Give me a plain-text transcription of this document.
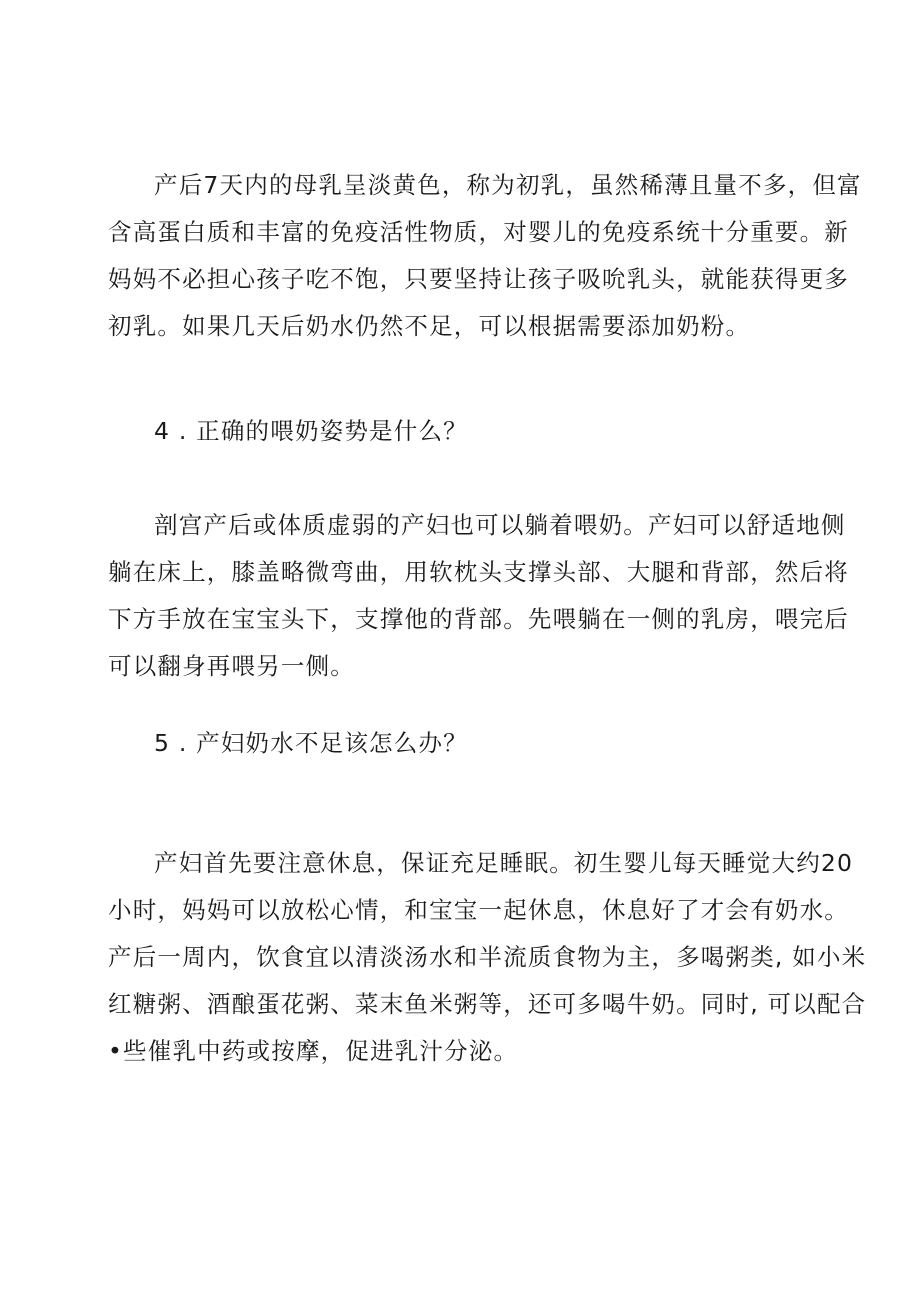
产后7天内的母乳呈淡黄色，称为初乳，虽然稀薄且量不多，但富
含高蛋白质和丰富的免疫活性物质，对婴儿的免疫系统十分重要。新
妈妈不必担心孩子吃不饱，只要坚持让孩子吸吮乳头，就能获得更多
初乳。如果几天后奶水仍然不足，可以根据需要添加奶粉。
4 . 正确的喂奶姿势是什么？
剖宫产后或体质虚弱的产妇也可以躺着喂奶。产妇可以舒适地侧
躺在床上，膝盖略微弯曲，用软枕头支撑头部、大腿和背部，然后将
下方手放在宝宝头下，支撑他的背部。先喂躺在一侧的乳房，喂完后
可以翻身再喂另一侧。
5 . 产妇奶水不足该怎么办？
产妇首先要注意休息，保证充足睡眠。初生婴儿每天睡觉大约20
小时，妈妈可以放松心情，和宝宝一起休息，休息好了才会有奶水。
产后一周内，饮食宜以清淡汤水和半流质食物为主，多喝粥类, 如小米
红糖粥、酒酿蛋花粥、菜末鱼米粥等，还可多喝牛奶。同时, 可以配合
•些催乳中药或按摩，促进乳汁分泌。
